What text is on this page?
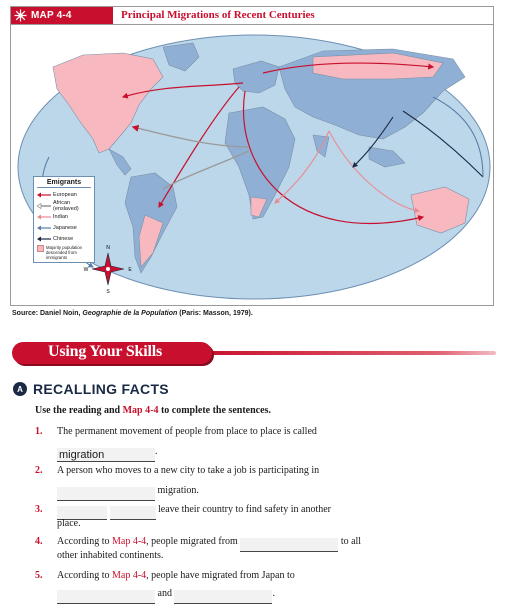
MAP 4-4	Principal Migrations of Recent Centuries
N
S
E
W
Emigrants
European
African (enslaved)
Indian
Japanese
Chinese
Majority population descended from immigrants
Source: Daniel Noin, Geographie de la Population (Paris: Masson, 1979).
Using Your Skills
A RECALLING FACTS
Use the reading and Map 4-4 to complete the sentences.
1. The permanent movement of people from place to place is called
migration	.
2. A person who moves to a new city to take a job is participating in
migration.
3.	leave their country to find safety in another
place.
4. According to Map 4-4, people migrated from	to all
other inhabited continents.
5. According to Map 4-4, people have migrated from Japan to
and	.
